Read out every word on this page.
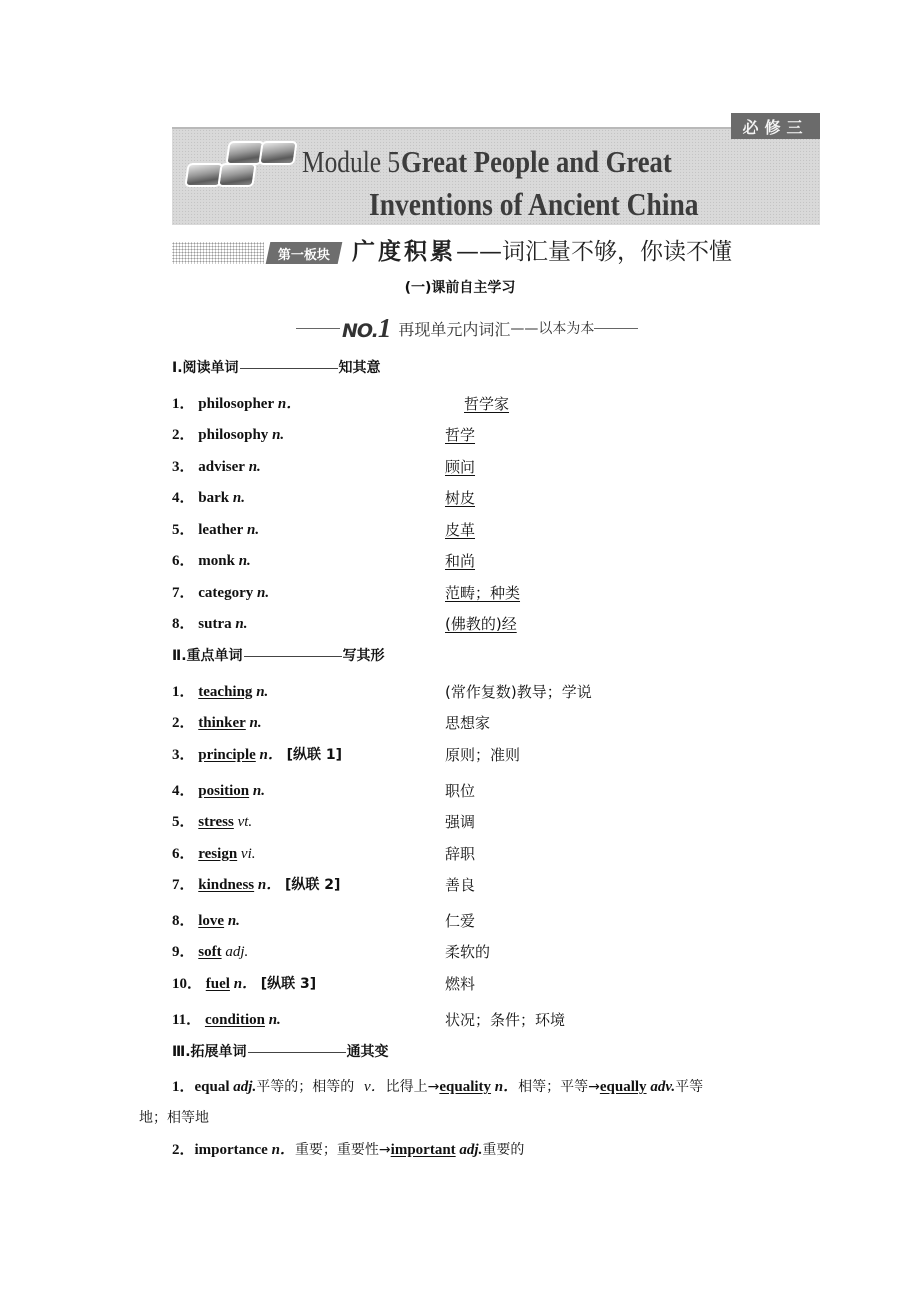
必修三
Module 5 Great People and Great
Inventions of Ancient China
第一板块 广度积累——词汇量不够，你读不懂
(一)课前自主学习
NO.1 再现单元内词汇 ——以本为本
Ⅰ.阅读单词	知其意
1． philosopher n．	哲学家
2． philosophy n.	哲学
3． adviser n.	顾问
4． bark n.	树皮
5． leather n.	皮革
6． monk n.	和尚
7． category n.	范畴；种类
8． sutra n.	(佛教的)经
Ⅱ.重点单词	写其形
1． teaching n.	(常作复数)教导；学说
2． thinker n.	思想家
3． principle n． [纵联 1]	原则；准则
4． position n.	职位
5． stress vt.	强调
6． resign vi.	辞职
7． kindness n． [纵联 2]	善良
8． love n.	仁爱
9． soft adj.	柔软的
10． fuel n． [纵联 3]	燃料
11． condition n.	状况；条件；环境
Ⅲ.拓展单词	通其变
1．equal adj.平等的；相等的 v．比得上→equality n．相等；平等→equally adv.平等
地；相等地
2．importance n．重要；重要性→important adj.重要的
